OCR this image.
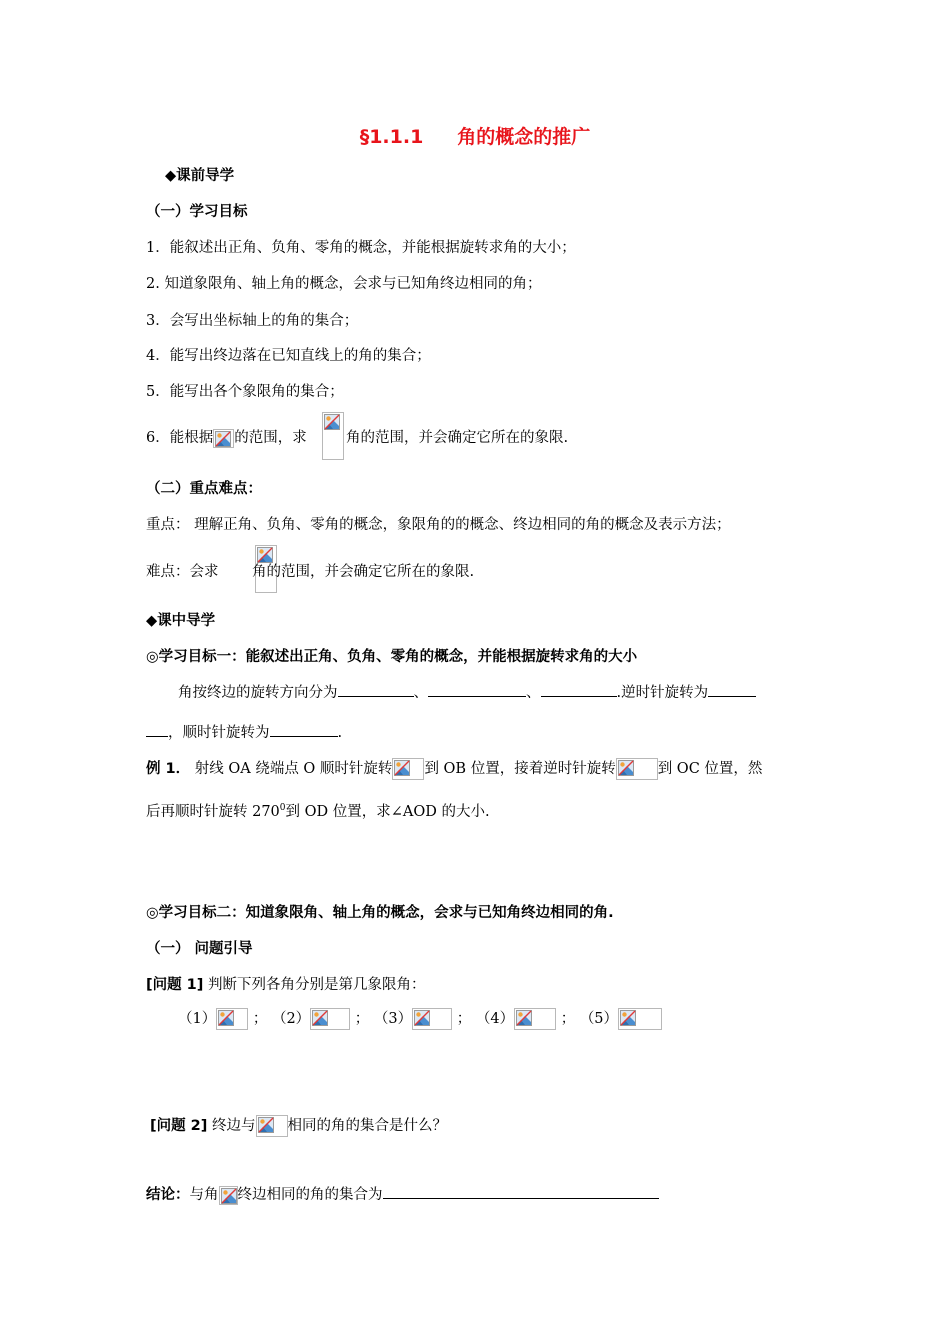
§1.1.1 角的概念的推广
◆课前导学
（一）学习目标
1．能叙述出正角、负角、零角的概念，并能根据旋转求角的大小；
2. 知道象限角、轴上角的概念，会求与已知角终边相同的角；
3．会写出坐标轴上的角的集合；
4．能写出终边落在已知直线上的角的集合；
5．能写出各个象限角的集合；
6．能根据 的范围，求
	角的范围，并会确定它所在的象限.
（二）重点难点：
重点： 理解正角、负角、零角的概念，象限角的的概念、终边相同的角的概念及表示方法；
难点：会求 角的范围，并会确定它所在的象限.
◆课中导学
◎学习目标一：能叙述出正角、负角、零角的概念，并能根据旋转求角的大小
角按终边的旋转方向分为	、	、	.逆时针旋转为
，顺时针旋转为	.
例 1． 射线 OA 绕端点 O 顺时针旋转 到 OB 位置，接着逆时针旋转	到 OC 位置，然
后再顺时针旋转 $270^0$到 OD 位置，求∠AOD 的大小.
◎学习目标二：知道象限角、轴上角的概念，会求与已知角终边相同的角.
（一） 问题引导
[问题 1] 判断下列各角分别是第几象限角：
（1）	； （2）	； （3）	； （4）	； （5）
[问题 2] 终边与 相同的角的集合是什么？
结论：与角 终边相同的角的集合为
